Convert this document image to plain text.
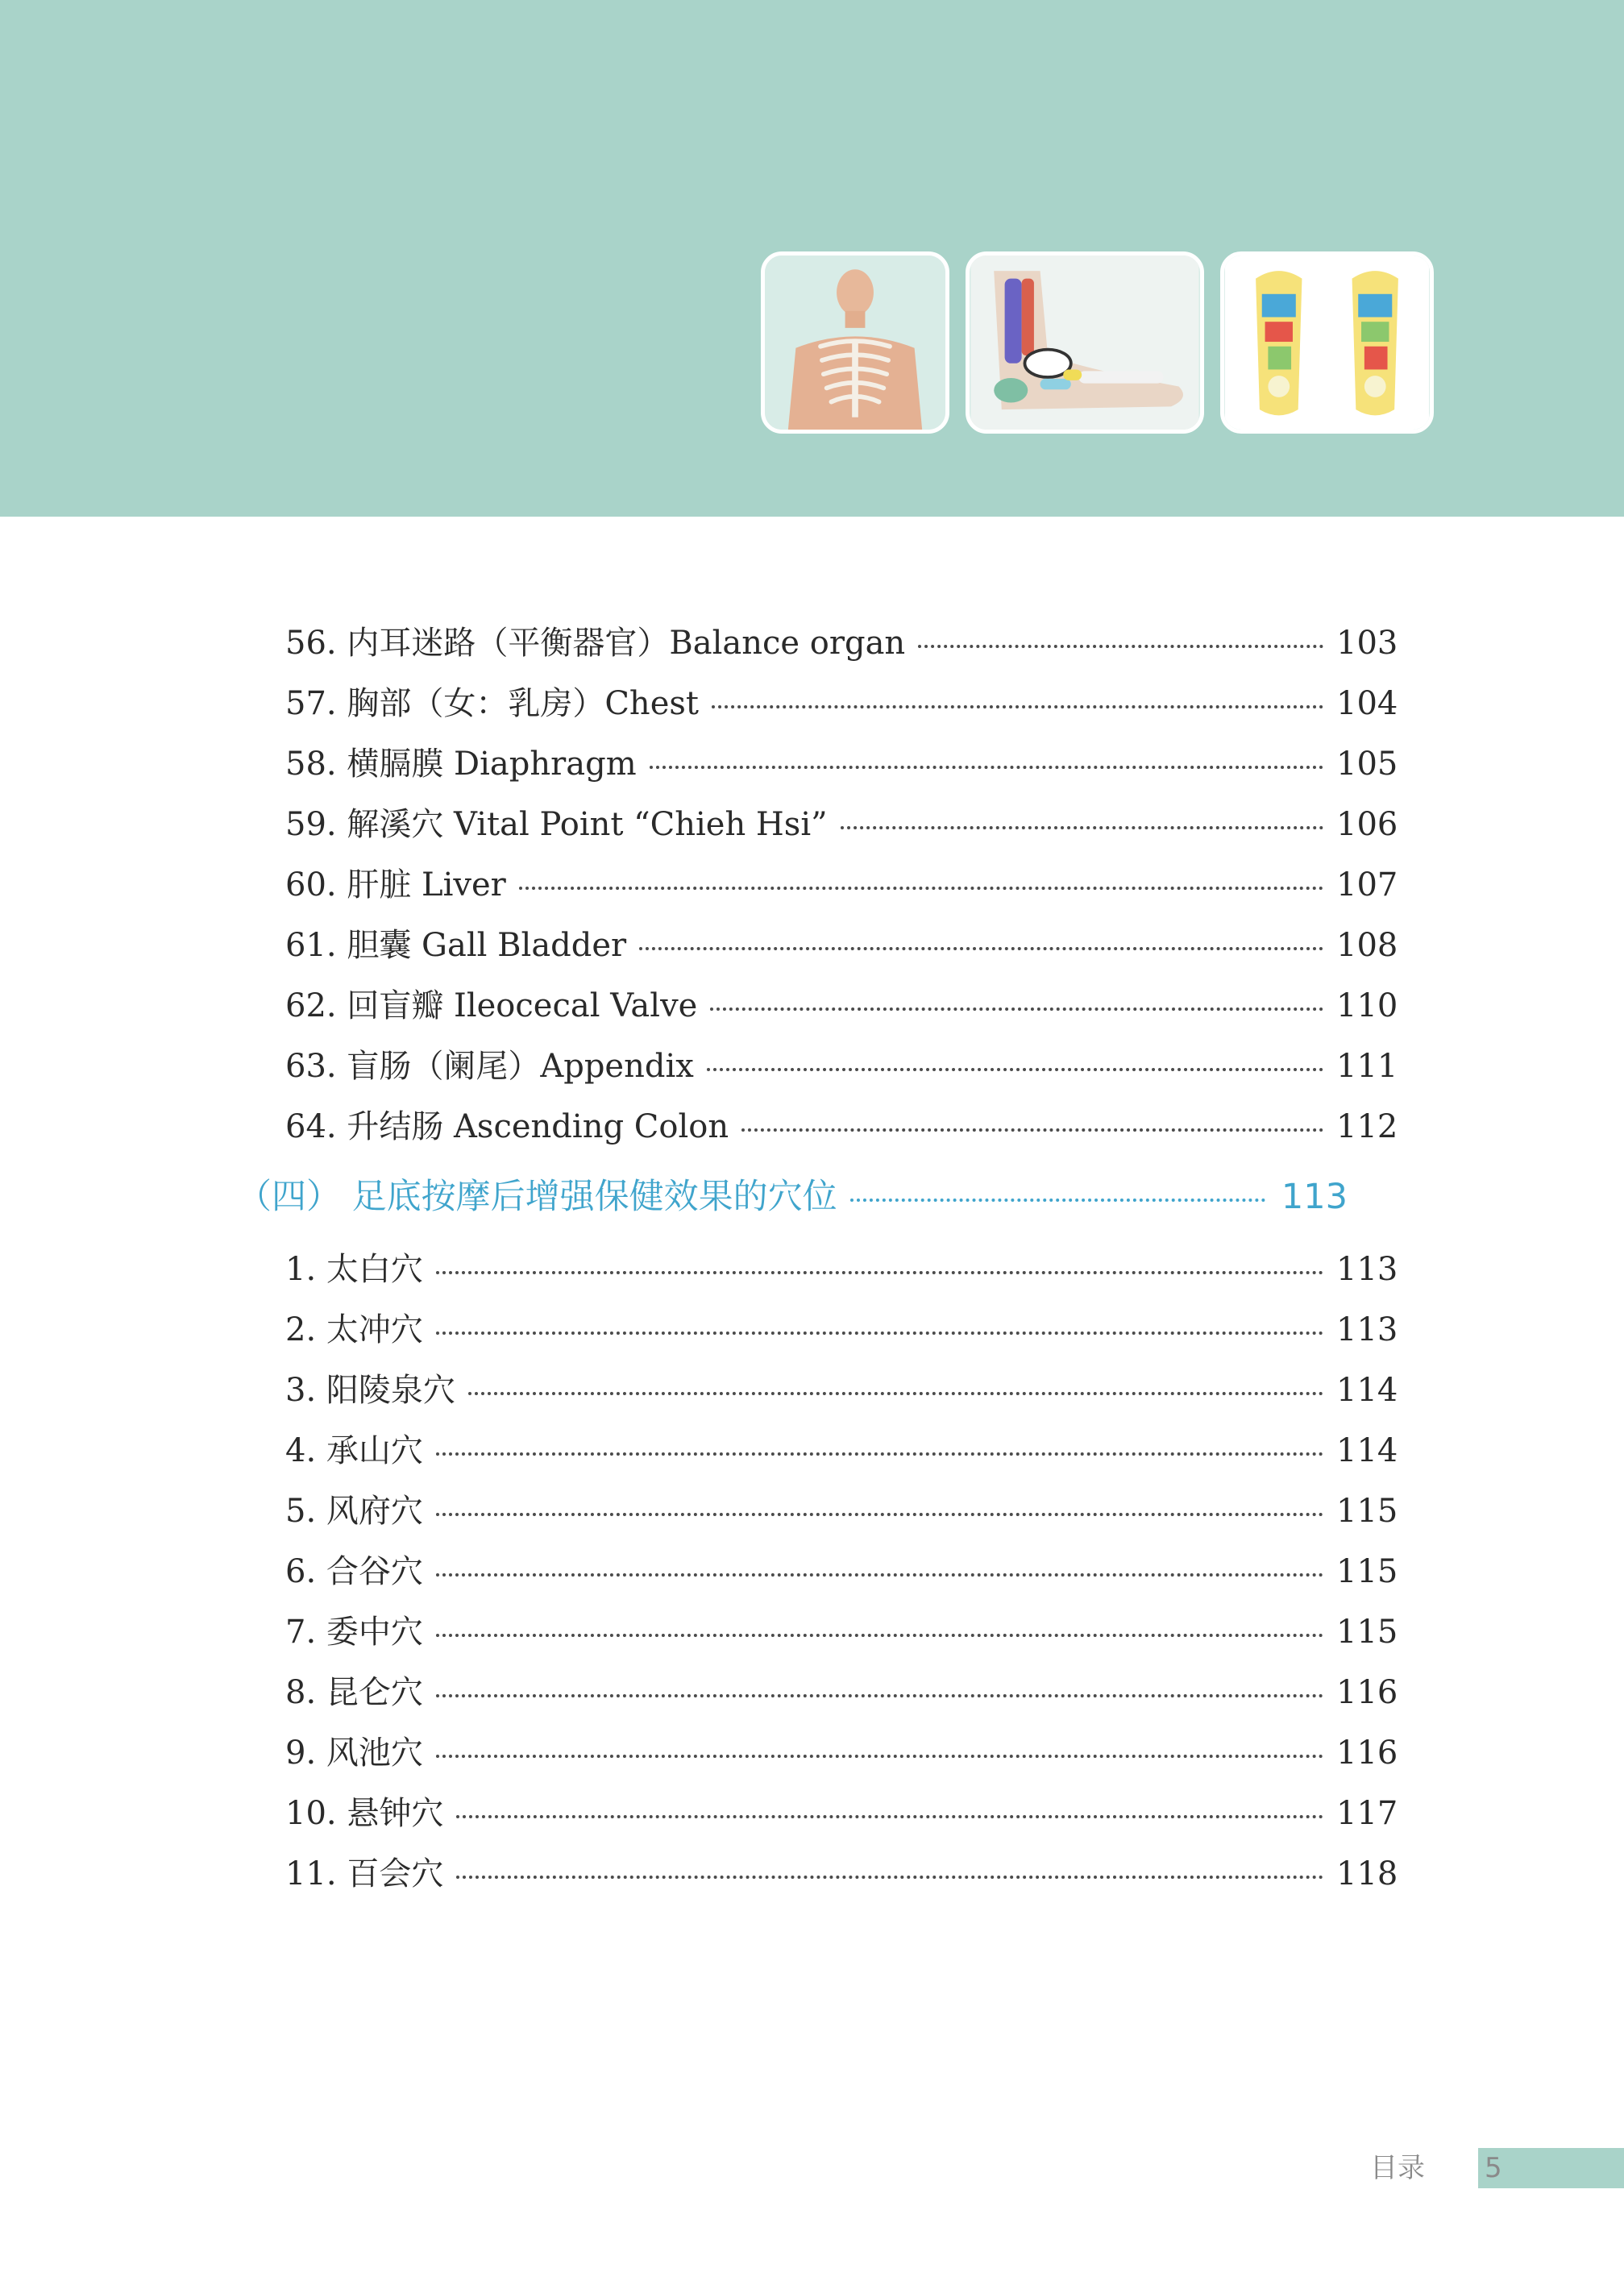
56. 内耳迷路（平衡器官）Balance organ	103
57. 胸部（女：乳房）Chest	104
58. 横膈膜 Diaphragm	105
59. 解溪穴 Vital Point “Chieh Hsi”	106
60. 肝脏 Liver	107
61. 胆囊 Gall Bladder	108
62. 回盲瓣 Ileocecal Valve	110
63. 盲肠（阑尾）Appendix	111
64. 升结肠 Ascending Colon	112
（四） 足底按摩后增强保健效果的穴位	113
1. 太白穴	113
2. 太冲穴	113
3. 阳陵泉穴	114
4. 承山穴	114
5. 风府穴	115
6. 合谷穴	115
7. 委中穴	115
8. 昆仑穴	116
9. 风池穴	116
10. 悬钟穴	117
11. 百会穴	118
目录 5
